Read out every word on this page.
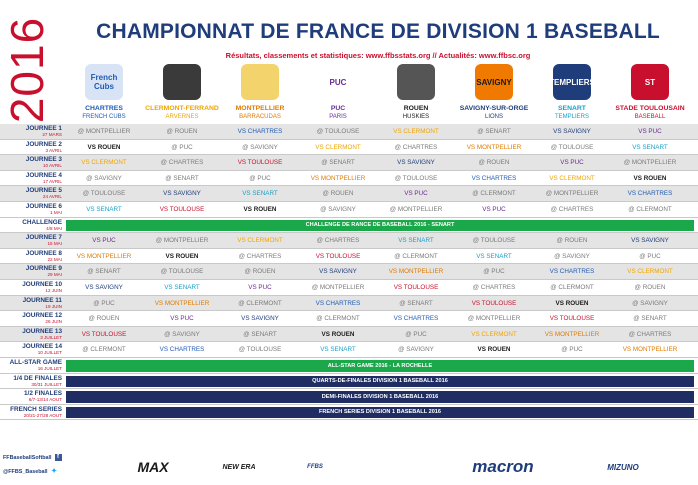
2016	CHAMPIONNAT DE FRANCE DE DIVISION 1 BASEBALL
Résultats, classements et statistiques: www.ffbsstats.org // Actualités: www.ffbsc.org
French Cubs
CHARTRES
FRENCH CUBS
CLERMONT-FERRAND
ARVERNES
MONTPELLIER
BARRACUDAS
PUC
PUC
PARIS
ROUEN
HUSKIES
SAVIGNY
SAVIGNY-SUR-ORGE
LIONS
TEMPLIERS
SENART
TEMPLIERS
ST
STADE TOULOUSAIN
BASEBALL
JOURNEE 1
27 MARS	@ MONTPELLIER	@ ROUEN	VS CHARTRES	@ TOULOUSE	VS CLERMONT	@ SENART	VS SAVIGNY	VS PUC
JOURNEE 2
3 AVRIL	VS ROUEN	@ PUC	@ SAVIGNY	VS CLERMONT	@ CHARTRES	VS MONTPELLIER	@ TOULOUSE	VS SENART
JOURNEE 3
10 AVRIL	VS CLERMONT	@ CHARTRES	VS TOULOUSE	@ SENART	VS SAVIGNY	@ ROUEN	VS PUC	@ MONTPELLIER
JOURNEE 4
17 AVRIL	@ SAVIGNY	@ SENART	@ PUC	VS MONTPELLIER	@ TOULOUSE	VS CHARTRES	VS CLERMONT	VS ROUEN
JOURNEE 5
24 AVRIL	@ TOULOUSE	VS SAVIGNY	VS SENART	@ ROUEN	VS PUC	@ CLERMONT	@ MONTPELLIER	VS CHARTRES
JOURNEE 6
1 MAI	VS SENART	VS TOULOUSE	VS ROUEN	@ SAVIGNY	@ MONTPELLIER	VS PUC	@ CHARTRES	@ CLERMONT
CHALLENGE
4/8 MAI	CHALLENGE DE RANCE DE BASEBALL 2016 - SENART
JOURNEE 7
15 MAI	VS PUC	@ MONTPELLIER	VS CLERMONT	@ CHARTRES	VS SENART	@ TOULOUSE	@ ROUEN	VS SAVIGNY
JOURNEE 8
22 MAI	VS MONTPELLIER	VS ROUEN	@ CHARTRES	VS TOULOUSE	@ CLERMONT	VS SENART	@ SAVIGNY	@ PUC
JOURNEE 9
29 MAI	@ SENART	@ TOULOUSE	@ ROUEN	VS SAVIGNY	VS MONTPELLIER	@ PUC	VS CHARTRES	VS CLERMONT
JOURNEE 10
12 JUIN	VS SAVIGNY	VS SENART	VS PUC	@ MONTPELLIER	VS TOULOUSE	@ CHARTRES	@ CLERMONT	@ ROUEN
JOURNEE 11
19 JUIN	@ PUC	VS MONTPELLIER	@ CLERMONT	VS CHARTRES	@ SENART	VS TOULOUSE	VS ROUEN	@ SAVIGNY
JOURNEE 12
26 JUIN	@ ROUEN	VS PUC	VS SAVIGNY	@ CLERMONT	VS CHARTRES	@ MONTPELLIER	VS TOULOUSE	@ SENART
JOURNEE 13
3 JUILLET	VS TOULOUSE	@ SAVIGNY	@ SENART	VS ROUEN	@ PUC	VS CLERMONT	VS MONTPELLIER	@ CHARTRES
JOURNEE 14
10 JUILLET	@ CLERMONT	VS CHARTRES	@ TOULOUSE	VS SENART	@ SAVIGNY	VS ROUEN	@ PUC	VS MONTPELLIER
ALL-STAR GAME
16 JUILLET	ALL-STAR GAME 2016 - LA ROCHELLE
1/4 DE FINALES
30/31 JUILLET	QUARTS-DE-FINALES DIVISION 1 BASEBALL 2016
1/2 FINALES
6/7-13/14 AOUT	DEMI-FINALES DIVISION 1 BASEBALL 2016
FRENCH SERIES
20/21-27/28 AOUT	FRENCH SERIES DIVISION 1 BASEBALL 2016
FFBaseballSoftball f
@FFBS_Baseball ✦	MAX	NEW ERA	FFBS	macron	MIZUNO
